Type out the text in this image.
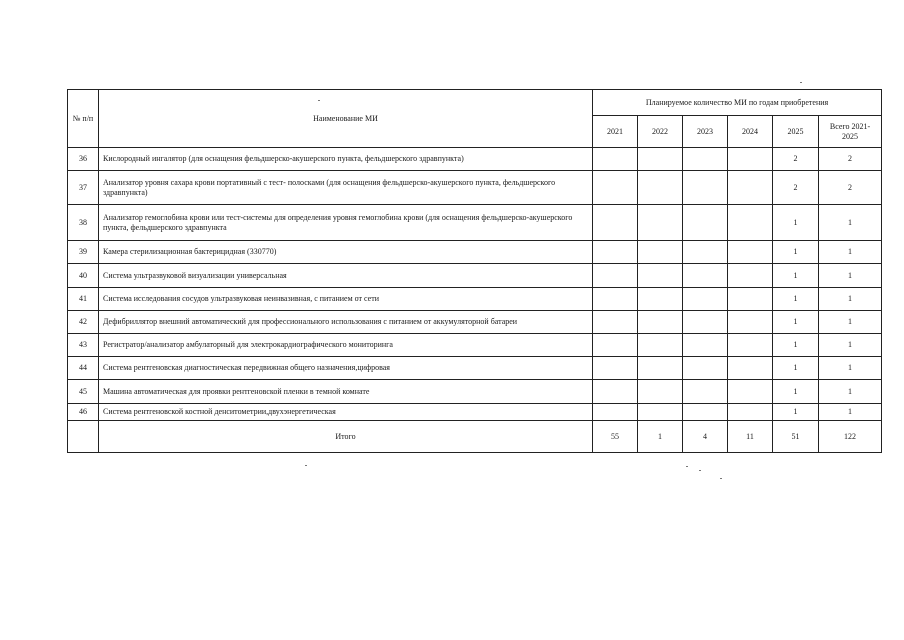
№ п/п	Наименование МИ	Планируемое количество МИ по годам приобретения					
		2021	2022	2023	2024	2025	Всего 2021-2025
36	Кислородный ингалятор (для оснащения фельдшерско-акушерского пункта, фельдшерского здравпункта)					2	2
37	Анализатор уровня сахара крови портативный с тест- полосками (для оснащения фельдшерско-акушерского пункта, фельдшерского здравпункта)					2	2
38	Анализатор гемоглобина крови или тест-системы для определения уровня гемоглобина крови (для оснащения фельдшерско-акушерского пункта, фельдшерского здравпункта					1	1
39	Камера стерилизационная бактерицидная (330770)					1	1
40	Система ультразвуковой визуализации универсальная					1	1
41	Система исследования сосудов ультразвуковая неинвазивная, с питанием от сети					1	1
42	Дефибриллятор внешний автоматический для профессионального использования с питанием от аккумуляторной батареи					1	1
43	Регистратор/анализатор амбулаторный для электрокардиографического мониторинга					1	1
44	Система рентгеновская диагностическая передвижная общего назначения,цифровая					1	1
45	Машина автоматическая для проявки рентгеновской пленки в темной комнате					1	1
46	Система рентгеновской костной денситометрии,двухэнергетическая					1	1
	Итого	55	1	4	11	51	122
